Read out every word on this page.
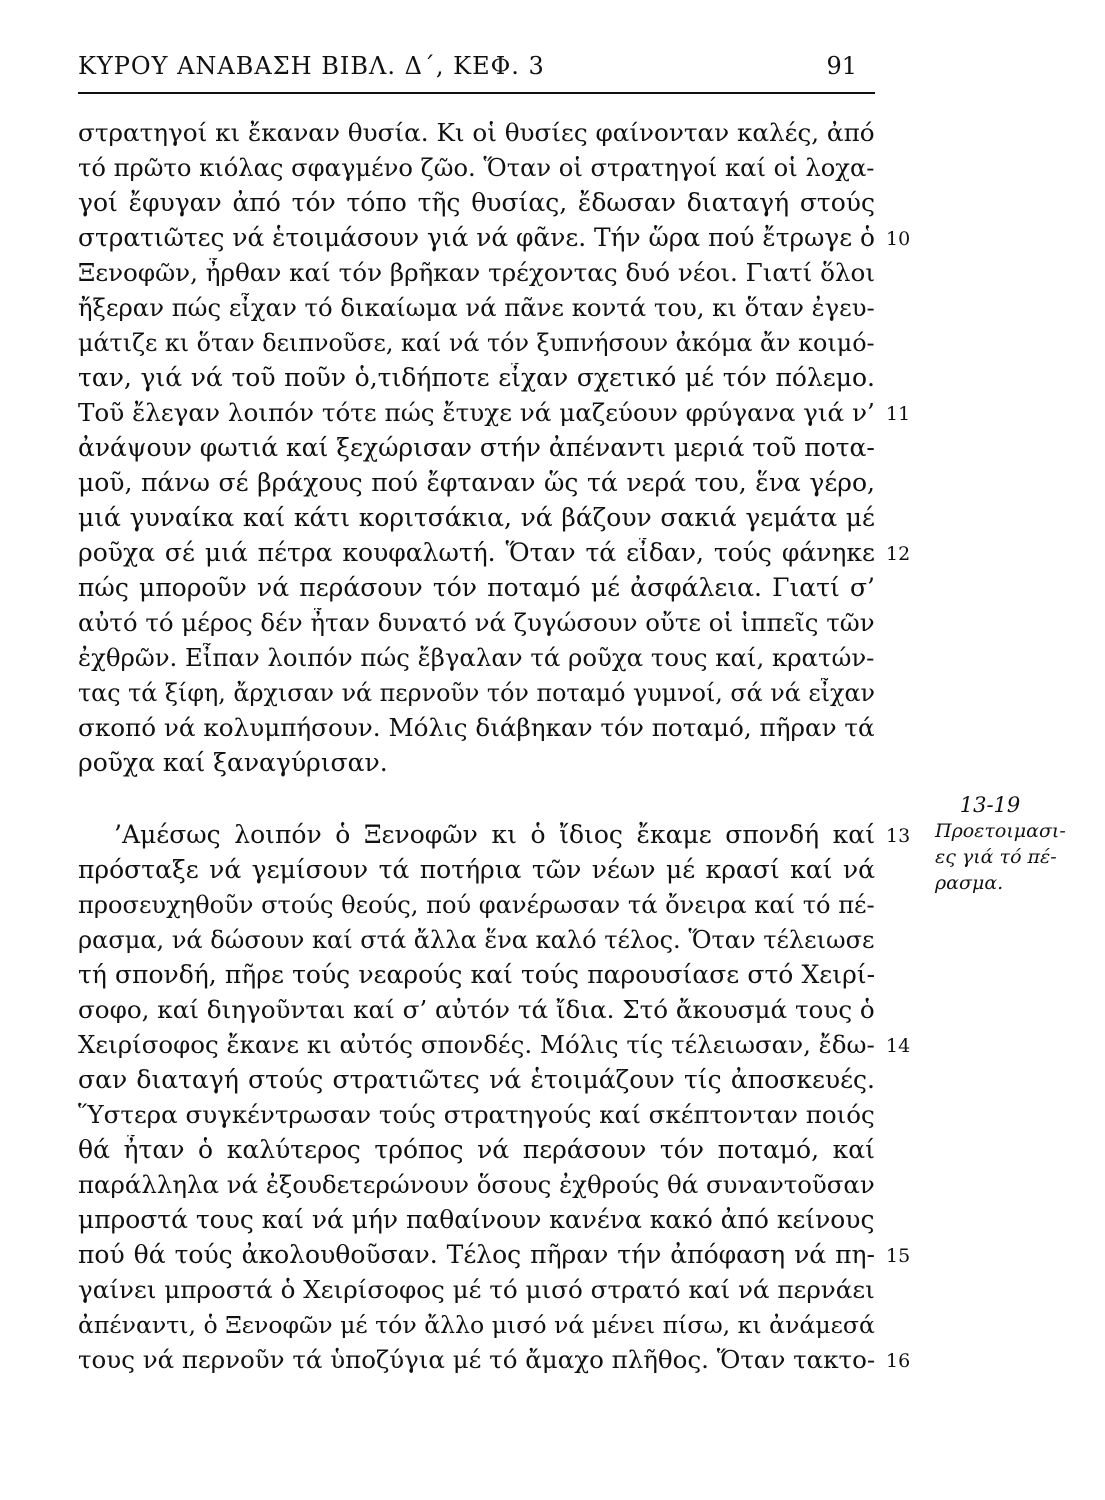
ΚΥΡΟΥ ΑΝΑΒΑΣΗ ΒΙΒΛ. Δ΄, ΚΕΦ. 3	91
στρατηγοί κι ἔκαναν θυσία. Κι οἱ θυσίες φαίνονταν καλές, ἀπό
τό πρῶτο κιόλας σφαγμένο ζῶο. Ὅταν οἱ στρατηγοί καί οἱ λοχα-
γοί ἔφυγαν ἀπό τόν τόπο τῆς θυσίας, ἔδωσαν διαταγή στούς
στρατιῶτες νά ἑτοιμάσουν γιά νά φᾶνε. Τήν ὥρα πού ἔτρωγε ὁ
Ξενοφῶν, ἦρθαν καί τόν βρῆκαν τρέχοντας δυό νέοι. Γιατί ὅλοι
ἤξεραν πώς εἶχαν τό δικαίωμα νά πᾶνε κοντά του, κι ὅταν ἐγευ-
μάτιζε κι ὅταν δειπνοῦσε, καί νά τόν ξυπνήσουν ἀκόμα ἄν κοιμό-
ταν, γιά νά τοῦ ποῦν ὁ,τιδήποτε εἶχαν σχετικό μέ τόν πόλεμο.
Τοῦ ἔλεγαν λοιπόν τότε πώς ἔτυχε νά μαζεύουν φρύγανα γιά ν’
ἀνάψουν φωτιά καί ξεχώρισαν στήν ἀπέναντι μεριά τοῦ ποτα-
μοῦ, πάνω σέ βράχους πού ἔφταναν ὥς τά νερά του, ἕνα γέρο,
μιά γυναίκα καί κάτι κοριτσάκια, νά βάζουν σακιά γεμάτα μέ
ροῦχα σέ μιά πέτρα κουφαλωτή. Ὅταν τά εἶδαν, τούς φάνηκε
πώς μποροῦν νά περάσουν τόν ποταμό μέ ἀσφάλεια. Γιατί σ’
αὐτό τό μέρος δέν ἦταν δυνατό νά ζυγώσουν οὔτε οἱ ἱππεῖς τῶν
ἐχθρῶν. Εἶπαν λοιπόν πώς ἔβγαλαν τά ροῦχα τους καί, κρατών-
τας τά ξίφη, ἄρχισαν νά περνοῦν τόν ποταμό γυμνοί, σά νά εἶχαν
σκοπό νά κολυμπήσουν. Μόλις διάβηκαν τόν ποταμό, πῆραν τά
ροῦχα καί ξαναγύρισαν.
’Αμέσως λοιπόν ὁ Ξενοφῶν κι ὁ ἴδιος ἔκαμε σπονδή καί
πρόσταξε νά γεμίσουν τά ποτήρια τῶν νέων μέ κρασί καί νά
προσευχηθοῦν στούς θεούς, πού φανέρωσαν τά ὄνειρα καί τό πέ-
ρασμα, νά δώσουν καί στά ἄλλα ἕνα καλό τέλος. Ὅταν τέλειωσε
τή σπονδή, πῆρε τούς νεαρούς καί τούς παρουσίασε στό Χειρί-
σοφο, καί διηγοῦνται καί σ’ αὐτόν τά ἴδια. Στό ἄκουσμά τους ὁ
Χειρίσοφος ἔκανε κι αὐτός σπονδές. Μόλις τίς τέλειωσαν, ἔδω-
σαν διαταγή στούς στρατιῶτες νά ἑτοιμάζουν τίς ἀποσκευές.
Ὕστερα συγκέντρωσαν τούς στρατηγούς καί σκέπτονταν ποιός
θά ἦταν ὁ καλύτερος τρόπος νά περάσουν τόν ποταμό, καί
παράλληλα νά ἐξουδετερώνουν ὅσους ἐχθρούς θά συναντοῦσαν
μπροστά τους καί νά μήν παθαίνουν κανένα κακό ἀπό κείνους
πού θά τούς ἀκολουθοῦσαν. Τέλος πῆραν τήν ἀπόφαση νά πη-
γαίνει μπροστά ὁ Χειρίσοφος μέ τό μισό στρατό καί νά περνάει
ἀπέναντι, ὁ Ξενοφῶν μέ τόν ἄλλο μισό νά μένει πίσω, κι ἀνάμεσά
τους νά περνοῦν τά ὑποζύγια μέ τό ἄμαχο πλῆθος. Ὅταν τακτο-
10
11
12
13
14
15
16
13-19
Προετοιμασι-
ες γιά τό πέ-
ρασμα.
